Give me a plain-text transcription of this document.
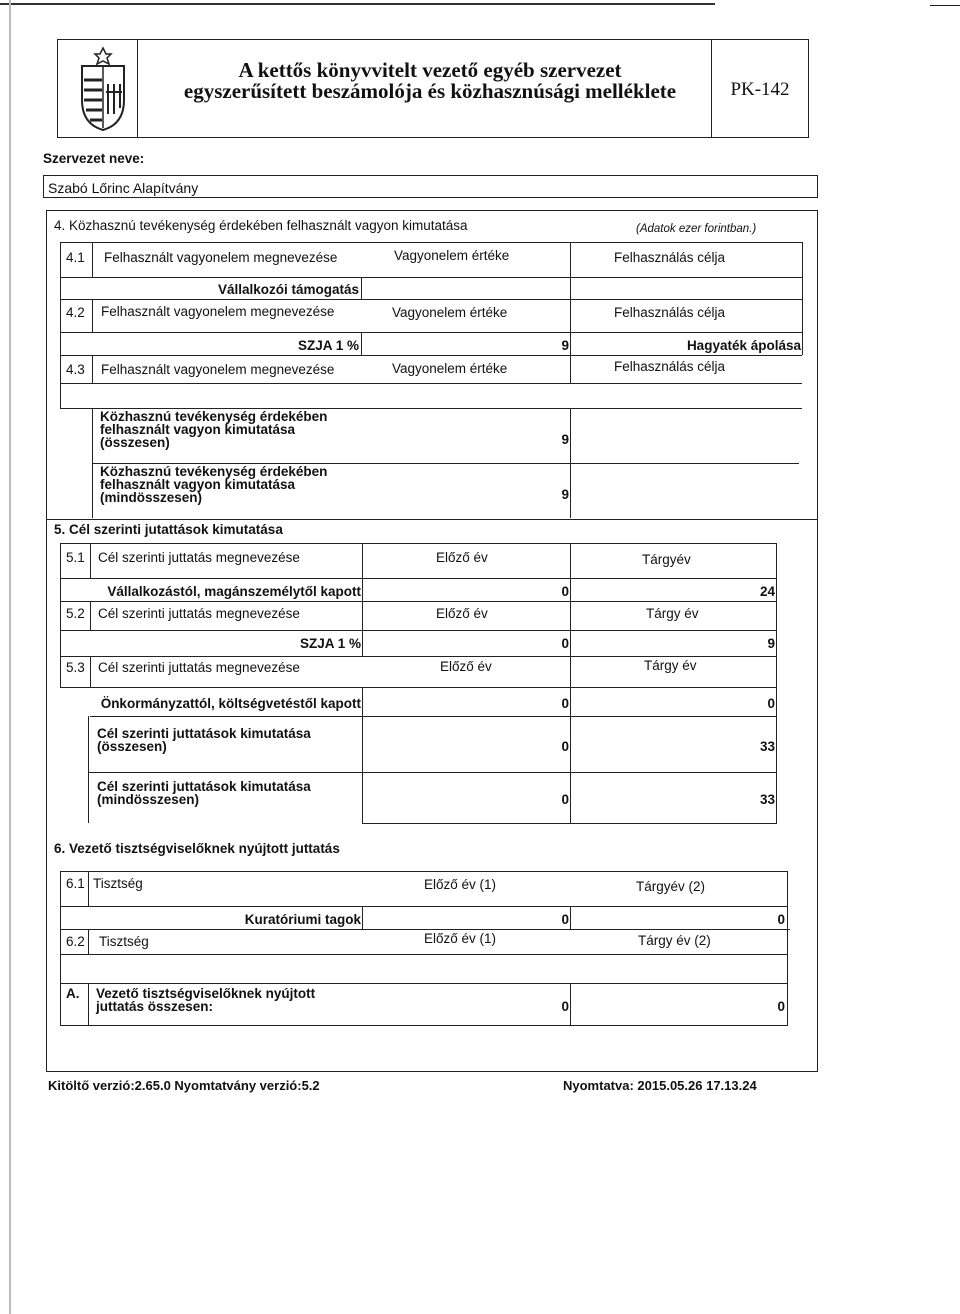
A kettős könyvvitelt vezető egyéb szervezet
egyszerűsített beszámolója és közhasznúsági melléklete	PK-142
Szervezet neve:
Szabó Lőrinc Alapítvány
4. Közhasznú tevékenység érdekében felhasznált vagyon kimutatása	(Adatok ezer forintban.)
4.1 Felhasznált vagyonelem megnevezése	Vagyonelem értéke	Felhasználás célja
Vállalkozói támogatás
4.2 Felhasznált vagyonelem megnevezése	Vagyonelem értéke	Felhasználás célja
SZJA 1 %	9	Hagyaték ápolása
4.3 Felhasznált vagyonelem megnevezése	Vagyonelem értéke	Felhasználás célja
Közhasznú tevékenység érdekében felhasznált vagyon kimutatása (összesen)	9
Közhasznú tevékenység érdekében felhasznált vagyon kimutatása (mindösszesen)	9
5. Cél szerinti jutattások kimutatása
5.1 Cél szerinti juttatás megnevezése	Előző év	Tárgyév
Vállalkozástól, magánszemélytől kapott	0	24
5.2 Cél szerinti juttatás megnevezése	Előző év	Tárgy év
SZJA 1 %	0	9
5.3 Cél szerinti juttatás megnevezése	Előző év	Tárgy év
Önkormányzattól, költségvetéstől kapott	0	0
Cél szerinti juttatások kimutatása (összesen)	0	33
Cél szerinti juttatások kimutatása (mindösszesen)	0	33
6. Vezető tisztségviselőknek nyújtott juttatás
6.1 Tisztség	Előző év (1)	Tárgyév (2)
Kuratóriumi tagok	0	0
6.2 Tisztség	Előző év (1)	Tárgy év (2)
A. Vezető tisztségviselőknek nyújtott juttatás összesen:	0	0
Kitöltő verzió:2.65.0 Nyomtatvány verzió:5.2	Nyomtatva: 2015.05.26 17.13.24
